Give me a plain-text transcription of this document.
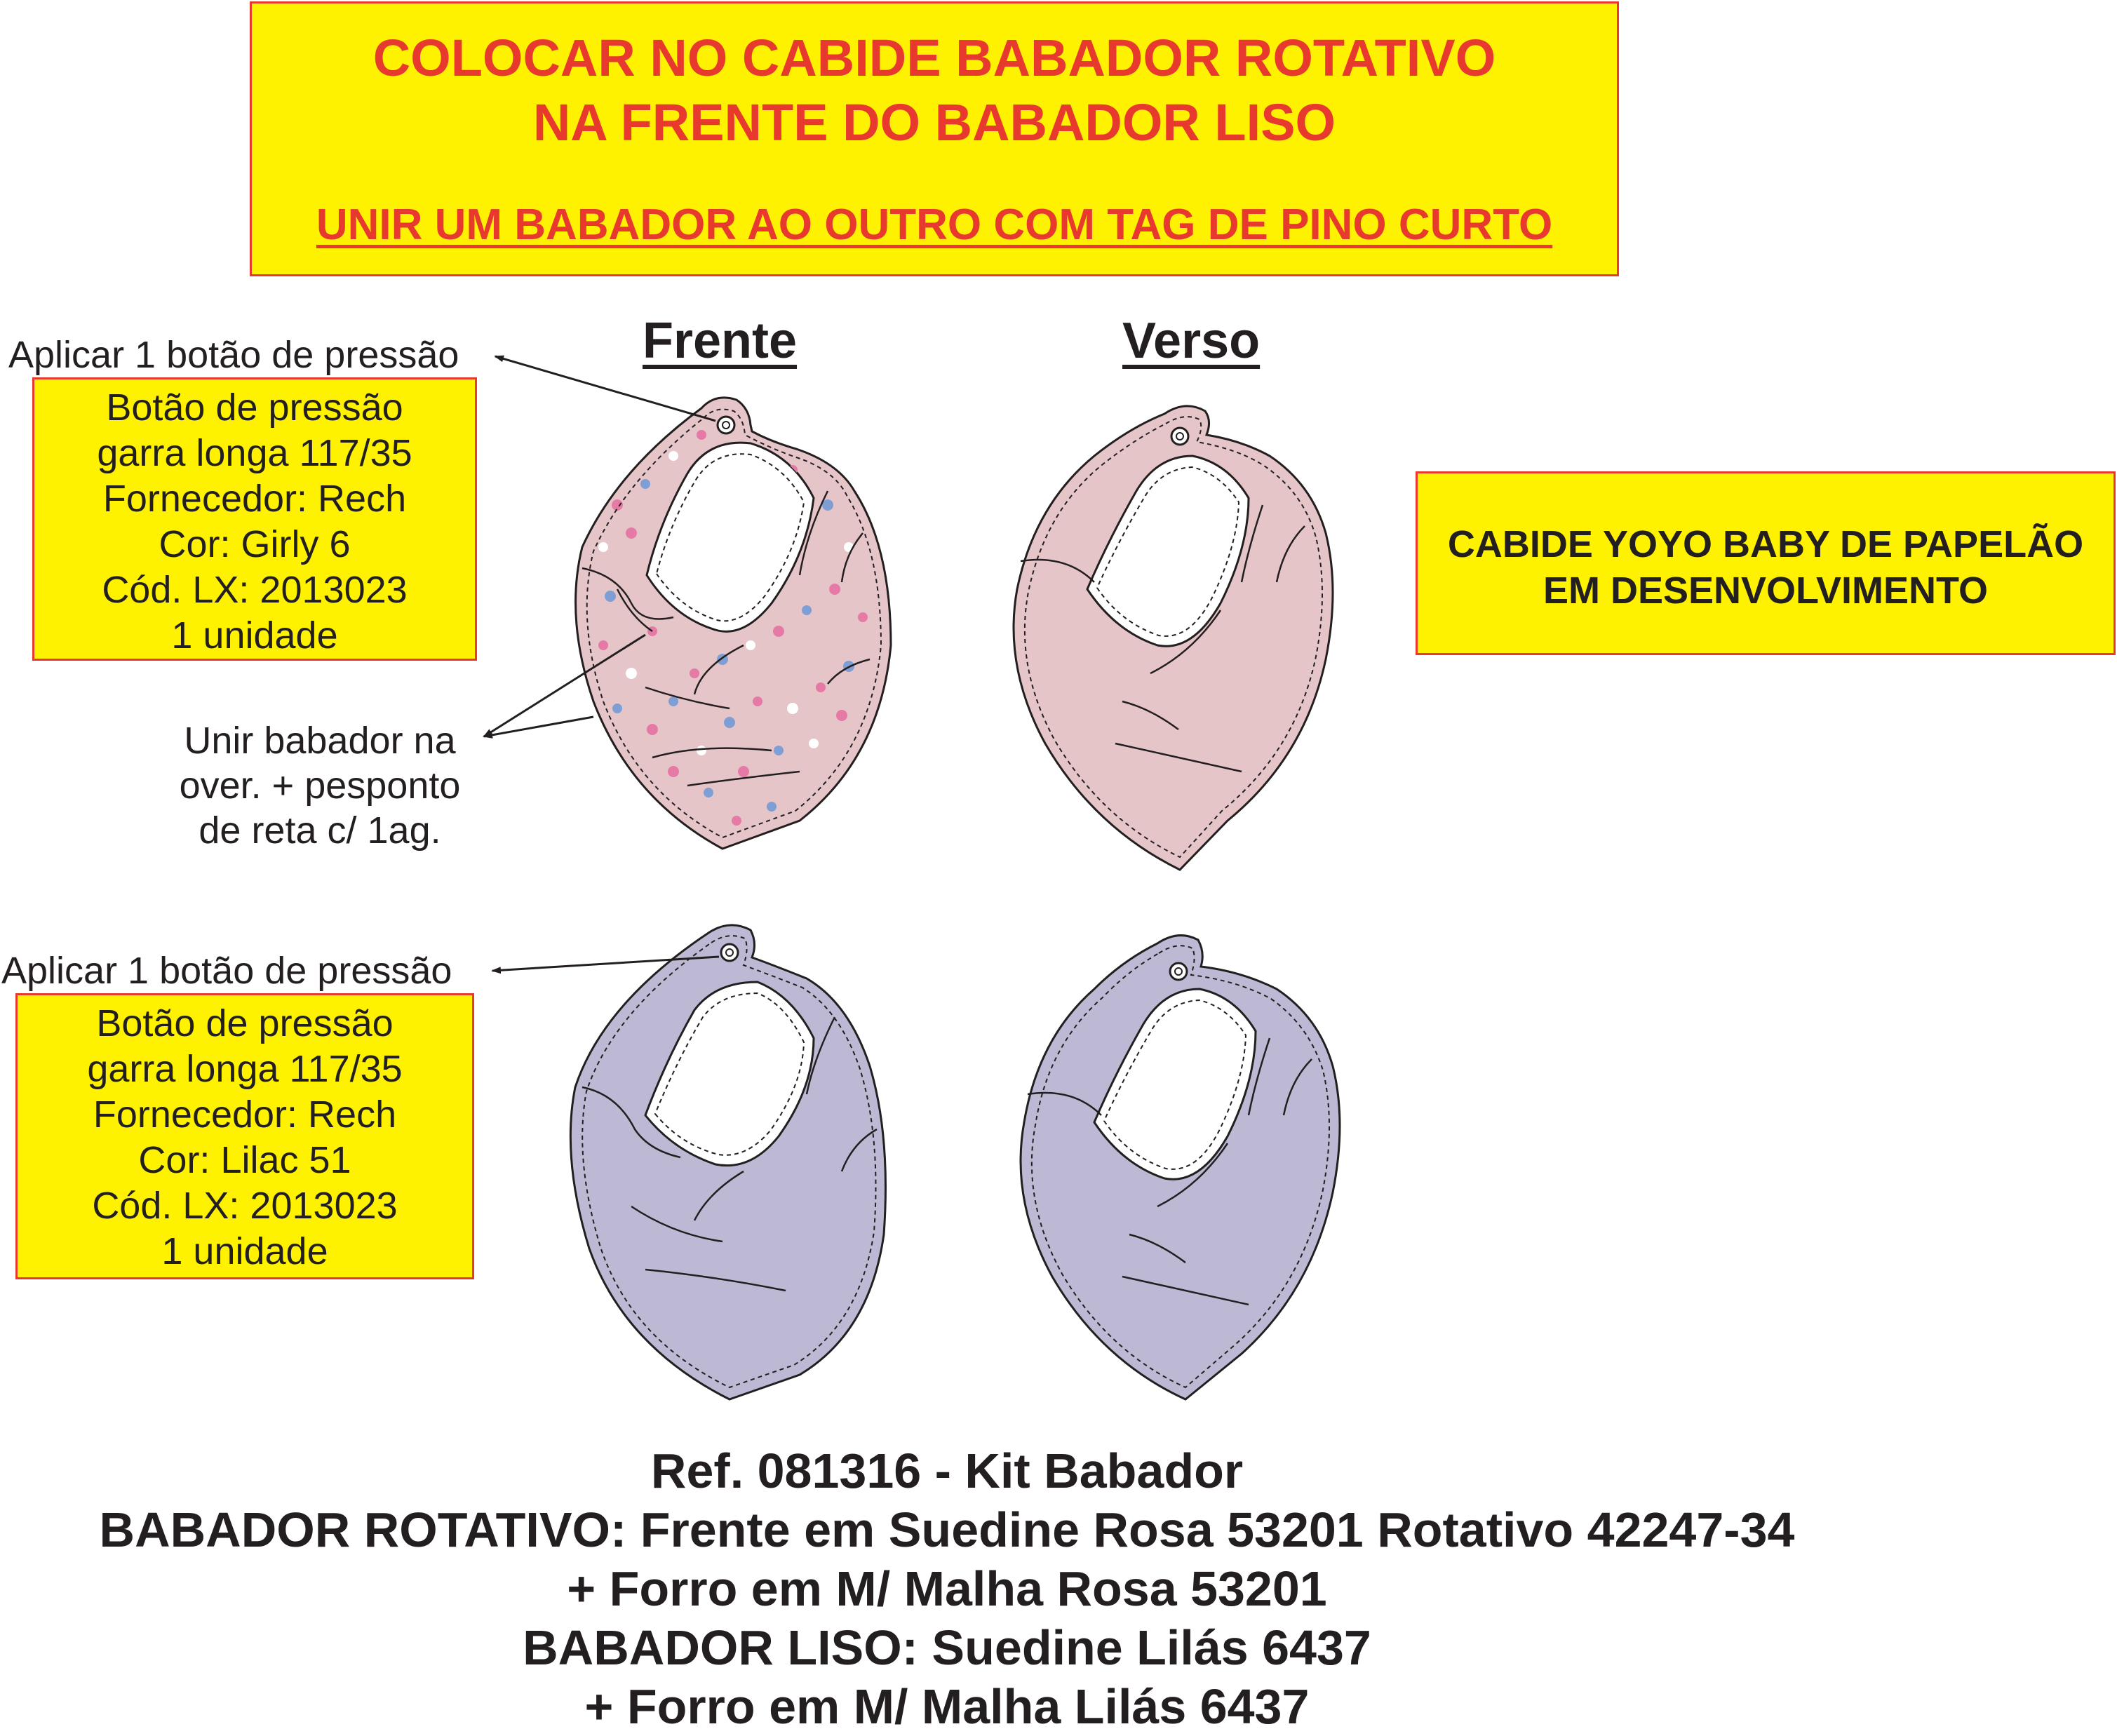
COLOCAR NO CABIDE BABADOR ROTATIVO
NA FRENTE DO BABADOR LISO
UNIR UM BABADOR AO OUTRO COM TAG DE PINO CURTO
Frente	Verso
Aplicar 1 botão de pressão
Botão de pressão
garra longa 117/35
Fornecedor: Rech
Cor: Girly 6
Cód. LX: 2013023
1 unidade
Unir babador na
over. + pesponto
de reta c/ 1ag.
Aplicar 1 botão de pressão
Botão de pressão
garra longa 117/35
Fornecedor: Rech
Cor: Lilac 51
Cód. LX: 2013023
1 unidade
CABIDE YOYO BABY DE PAPELÃO
EM DESENVOLVIMENTO
Ref. 081316 - Kit Babador
BABADOR ROTATIVO: Frente em Suedine Rosa 53201 Rotativo 42247-34
+ Forro em M/ Malha Rosa 53201
BABADOR LISO: Suedine Lilás 6437
+ Forro em M/ Malha Lilás 6437
